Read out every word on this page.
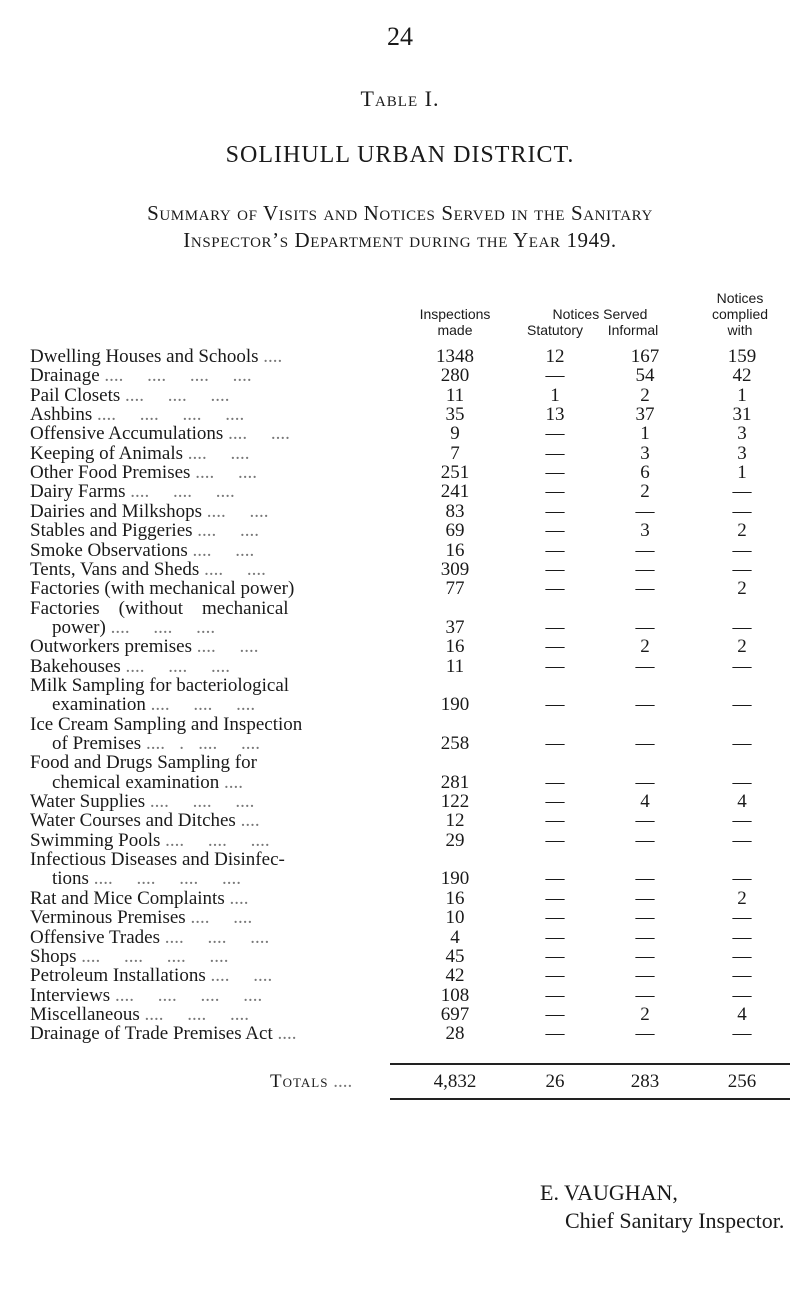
24
Table I.
SOLIHULL URBAN DISTRICT.
Summary of Visits and Notices Served in the Sanitary
Inspector’s Department during the Year 1949.
Inspections
made
Notices Served
Statutory	Informal
Notices
complied
with
Dwelling Houses and Schools ....	1348	12	167	159
Drainage ....     ....     ....     ....	280	—	54	42
Pail Closets ....     ....     ....	11	1	2	1
Ashbins ....     ....     ....     ....	35	13	37	31
Offensive Accumulations ....     ....	9	—	1	3
Keeping of Animals ....     ....	7	—	3	3
Other Food Premises ....     ....	251	—	6	1
Dairy Farms ....     ....     ....	241	—	2	—
Dairies and Milkshops ....     ....	83	—	—	—
Stables and Piggeries ....     ....	69	—	3	2
Smoke Observations ....     ....	16	—	—	—
Tents, Vans and Sheds ....     ....	309	—	—	—
Factories (with mechanical power)	77	—	—	2
Factories    (without    mechanical
power) ....     ....     ....	37	—	—	—
Outworkers premises ....     ....	16	—	2	2
Bakehouses ....     ....     ....	11	—	—	—
Milk Sampling for bacteriological
examination ....     ....     ....	190	—	—	—
Ice Cream Sampling and Inspection
of Premises ....   .   ....     ....	258	—	—	—
Food and Drugs Sampling for
chemical examination ....	281	—	—	—
Water Supplies ....     ....     ....	122	—	4	4
Water Courses and Ditches ....	12	—	—	—
Swimming Pools ....     ....     ....	29	—	—	—
Infectious Diseases and Disinfec-
tions ....     ....     ....     ....	190	—	—	—
Rat and Mice Complaints ....	16	—	—	2
Verminous Premises ....     ....	10	—	—	—
Offensive Trades ....     ....     ....	4	—	—	—
Shops ....     ....     ....     ....	45	—	—	—
Petroleum Installations ....     ....	42	—	—	—
Interviews ....     ....     ....     ....	108	—	—	—
Miscellaneous ....     ....     ....	697	—	2	4
Drainage of Trade Premises Act ....	28	—	—	—
Totals ....	4,832	26	283	256
E. VAUGHAN,
Chief Sanitary Inspector.
